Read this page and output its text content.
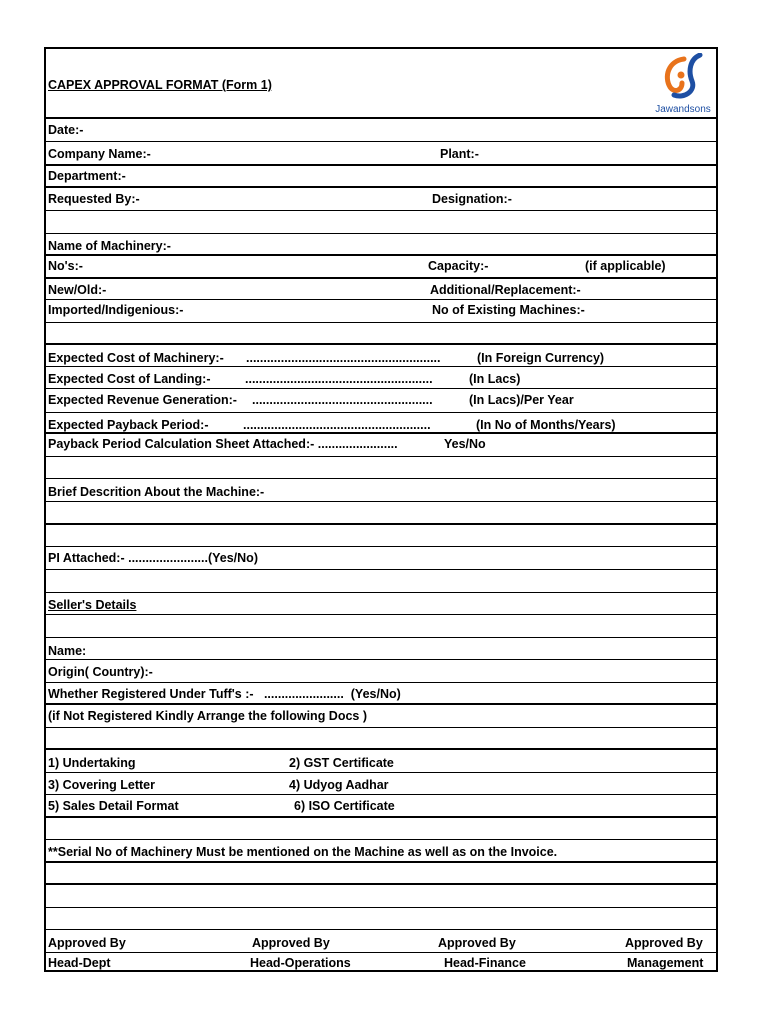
CAPEX APPROVAL FORMAT (Form 1)
Jawandsons
Date:-
Company Name:-	Plant:-
Department:-
Requested By:-	Designation:-
Name of Machinery:-
No's:-	Capacity:-	(if applicable)
New/Old:-	Additional/Replacement:-
Imported/Indigenious:-	No of Existing Machines:-
Expected Cost of Machinery:- ........................................................	(In Foreign Currency)
Expected Cost of Landing:-	......................................................	(In Lacs)
Expected Revenue Generation:- ....................................................	(In Lacs)/Per Year
Expected Payback Period:-	......................................................	(In No of Months/Years)
Payback Period Calculation Sheet Attached:- .......................	Yes/No
Brief Descrition About the Machine:-
PI Attached:- .......................(Yes/No)
Seller's Details
Name:
Origin( Country):-
Whether Registered Under Tuff's :-   .......................  (Yes/No)
(if Not Registered Kindly Arrange the following Docs )
1) Undertaking	2) GST Certificate
3) Covering Letter	4) Udyog Aadhar
5) Sales Detail Format	6) ISO Certificate
**Serial No of Machinery Must be mentioned on the Machine as well as on the Invoice.
Approved By	Approved By	Approved By	Approved By
Head-Dept	Head-Operations	Head-Finance	Management
